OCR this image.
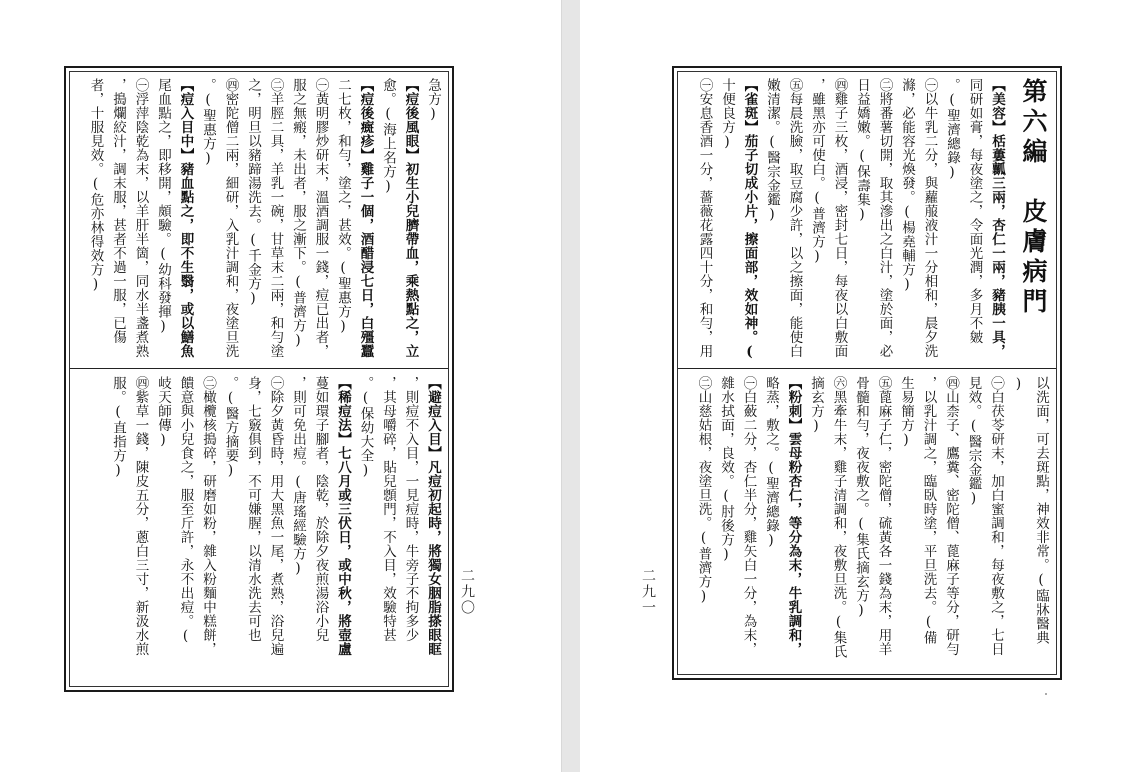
急方)
【痘後風眼】初生小兒臍帶血，乘熱點之，立
愈。(海上名方)
【痘後癍疹】雞子一個，酒醋浸七日，白殭蠶
二七枚，和勻，塗之，甚效。(聖惠方)
㊀黃明膠炒研末，溫酒調服一錢，痘已出者，
服之無瘢，未出者，服之漸下。(普濟方)
㊁羊脛二具，羊乳一碗，甘草末二兩，和勻塗
之，明旦以豬蹄湯洗去。(千金方)
㊃密陀僧二兩，細研，入乳汁調和，夜塗旦洗
。(聖惠方)
【痘入目中】豬血點之，即不生翳，或以鱔魚
尾血點之，即移開，頗驗。(幼科發揮)
㊀浮萍陰乾為末，以羊肝半箇，同水半盞煮熟
，搗爛絞汁，調末服，甚者不過一服，已傷
者，十服見效。(危亦林得效方)
【避痘入目】凡痘初起時，將獨女胭脂搽眼眶
，則痘不入目，一見痘時，牛旁子不拘多少
，其母嚼碎，貼兒顖門，不入目，效驗特甚
。(保幼大全)
【稀痘法】七八月或三伏日，或中秋，將壺盧
蔓如環子腳者，陰乾，於除夕夜煎湯浴小兒
，則可免出痘。(唐瑤經驗方)
㊀除夕黃昏時，用大黑魚一尾，煮熟，浴兒遍
身，七竅俱到，不可嫌腥，以清水洗去可也
。(醫方摘要)
㊁橄欖核搗碎，研磨如粉，雜入粉麵中糕餅，
饋意與小兒食之，服至斤許，永不出痘。(
岐天師傳)
㊃紫草一錢，陳皮五分，蔥白三寸，新汲水煎
服。(直指方)
二九〇
第六編　皮膚病門
【美容】栝蔞瓤三兩，杏仁一兩，豬胰一具，
同研如膏，每夜塗之，令面光潤，多月不皴
。(聖濟總錄)
㊀以牛乳二分，與蘿菔液汁一分相和，晨夕洗
滌，必能容光煥發。(楊堯輔方)
㊁將番薯切開，取其滲出之白汁，塗於面，必
日益嬌嫩。(保壽集)
㊃雞子三枚，酒浸，密封七日，每夜以白敷面
，雖黑亦可使白。(普濟方)
㊄每晨洗臉，取豆腐少許，以之擦面，能使白
嫩清潔。(醫宗金鑑)
【雀斑】茄子切成小片，擦面部，效如神。(
十便良方)
㊀安息香酒一分，薔薇花露四十分，和勻，用
以洗面，可去斑點，神效非常。(臨牀醫典
)
㊀白茯苓研末，加白蜜調和，每夜敷之，七日
見效。(醫宗金鑑)
㊃山柰子、鷹糞、密陀僧、蓖麻子等分，研勻
，以乳汁調之，臨臥時塗，平旦洗去。(備
生易簡方)
㊄蓖麻子仁，密陀僧，硫黃各一錢為末，用羊
骨髓和勻，夜夜敷之。(集氏摘玄方)
㊅黑牽牛末，雞子清調和，夜敷旦洗。(集氏
摘玄方)
【粉刺】雲母粉杏仁，等分為末，牛乳調和，
略蒸，敷之。(聖濟總錄)
㊀白蘞二分，杏仁半分，雞矢白一分，為末，
雜水拭面，良效。(肘後方)
㊁山慈姑根，夜塗旦洗。(普濟方)
二九一
